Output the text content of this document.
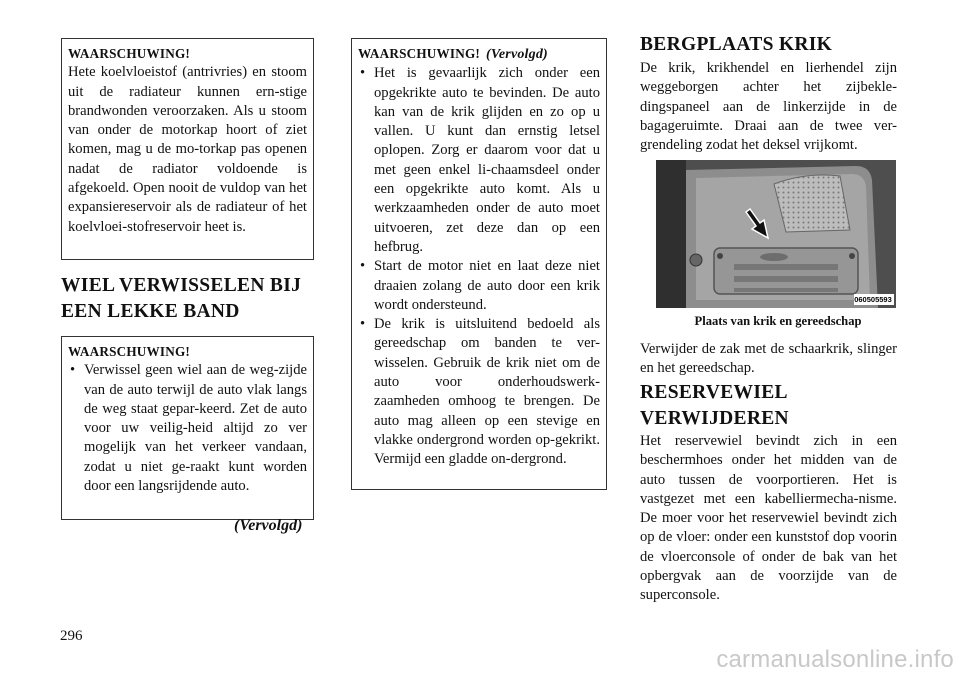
WAARSCHUWING!
Hete koelvloeistof (antrivries) en stoom uit de radiateur kunnen ern-stige brandwonden veroorzaken. Als u stoom van onder de motorkap hoort of ziet komen, mag u de mo-torkap pas openen nadat de radiator voldoende is afgekoeld. Open nooit de vuldop van het expansiereservoir als de radiateur of het koelvloei-stofreservoir heet is.
WIEL VERWISSELEN BIJ EEN LEKKE BAND
WAARSCHUWING!
• Verwissel geen wiel aan de weg-zijde van de auto terwijl de auto vlak langs de weg staat gepar-keerd. Zet de auto voor uw veilig-heid altijd zo ver mogelijk van het verkeer vandaan, zodat u niet ge-raakt kunt worden door een langsrijdende auto.
(Vervolgd)
WAARSCHUWING! (Vervolgd)
• Het is gevaarlijk zich onder een opgekrikte auto te bevinden. De auto kan van de krik glijden en zo op u vallen. U kunt dan ernstig letsel oplopen. Zorg er daarom voor dat u met geen enkel li-chaamsdeel onder een opgekrikte auto komt. Als u werkzaamheden onder de auto moet uitvoeren, zet deze dan op een hefbrug.
• Start de motor niet en laat deze niet draaien zolang de auto door een krik wordt ondersteund.
• De krik is uitsluitend bedoeld als gereedschap om banden te ver-wisselen. Gebruik de krik niet om de auto voor onderhoudswerk-zaamheden omhoog te brengen. De auto mag alleen op een stevige en vlakke ondergrond worden op-gekrikt. Vermijd een gladde on-dergrond.
BERGPLAATS KRIK

De krik, krikhendel en lierhendel zijn weggeborgen achter het zijbekle-dingspaneel aan de linkerzijde in de bagageruimte. Draai aan de twee ver-grendeling zodat het deksel vrijkomt.

060505593
Plaats van krik en gereedschap

Verwijder de zak met de schaarkrik, slinger en het gereedschap.

RESERVEWIEL VERWIJDEREN

Het reservewiel bevindt zich in een beschermhoes onder het midden van de auto tussen de voorportieren. Het is vastgezet met een kabelliermecha-nisme. De moer voor het reservewiel bevindt zich op de vloer: onder een kunststof dop voorin de vloerconsole of onder de bak van het opbergvak aan de voorzijde van de superconsole.

296
carmanualsonline.info
